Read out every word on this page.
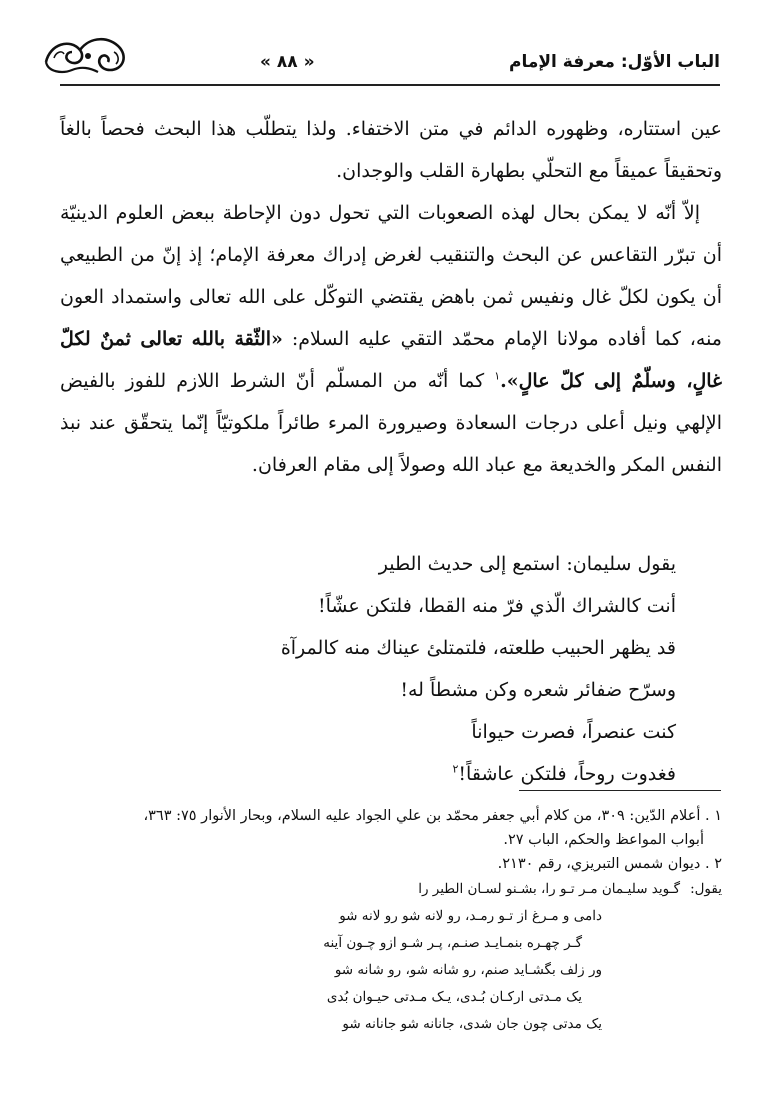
الباب الأوّل: معرفة الإمام
« ٨٨ »

عين استتاره، وظهوره الدائم في متن الاختفاء. ولذا يتطلّب هذا البحث فحصاً بالغاً وتحقيقاً عميقاً مع التحلّي بطهارة القلب والوجدان.

إلاّ أنّه لا يمكن بحال لهذه الصعوبات التي تحول دون الإحاطة ببعض العلوم الدينيّة أن تبرّر التقاعس عن البحث والتنقيب لغرض إدراك معرفة الإمام؛ إذ إنّ من الطبيعي أن يكون لكلّ غال ونفيس ثمن باهض يقتضي التوكّل على الله تعالى واستمداد العون منه، كما أفاده مولانا الإمام محمّد التقي عليه السلام: «الثّقة بالله تعالى ثمنٌ لكلّ غالٍ، وسلّمٌ إلى كلّ عالٍ».$^١$ كما أنّه من المسلّم أنّ الشرط اللازم للفوز بالفيض الإلهي ونيل أعلى درجات السعادة وصيرورة المرء طائراً ملكوتيّاً إنّما يتحقّق عند نبذ النفس المكر والخديعة مع عباد الله وصولاً إلى مقام العرفان.

يقول سليمان: استمع إلى حديث الطير
أنت كالشراك الّذي فرّ منه القطا، فلتكن عشّاً!
قد يظهر الحبيب طلعته، فلتمتلئ عيناك منه كالمرآة
وسرّح ضفائر شعره وكن مشطاً له!
كنت عنصراً، فصرت حيواناً
فغدوت روحاً، فلتكن عاشقاً!$^٢$
١ . أعلام الدّين: ٣٠٩، من كلام أبي جعفر محمّد بن علي الجواد عليه السلام، وبحار الأنوار ٧٥: ٣٦٣،
أبواب المواعظ والحكم، الباب ٢٧.
٢ . ديوان شمس التبريزي، رقم ٢١٣٠.
يقول:گـويد سليـمان مـر تـو را، بشـنو لسـان الطير را
دامی و مـرغ از تـو رمـد، رو لانه شو رو لانه شو
گـر چهـره بنمـايـد صنـم، پـر شـو ازو چـون آينه
ور زلف بگشـايد صنم، رو شانه شو، رو شانه شو
يک مـدتی ارکـان بُـدی، يـک مـدتی حيـوان بُدی
يک مدتی چون جان شدی، جانانه شو جانانه شو
